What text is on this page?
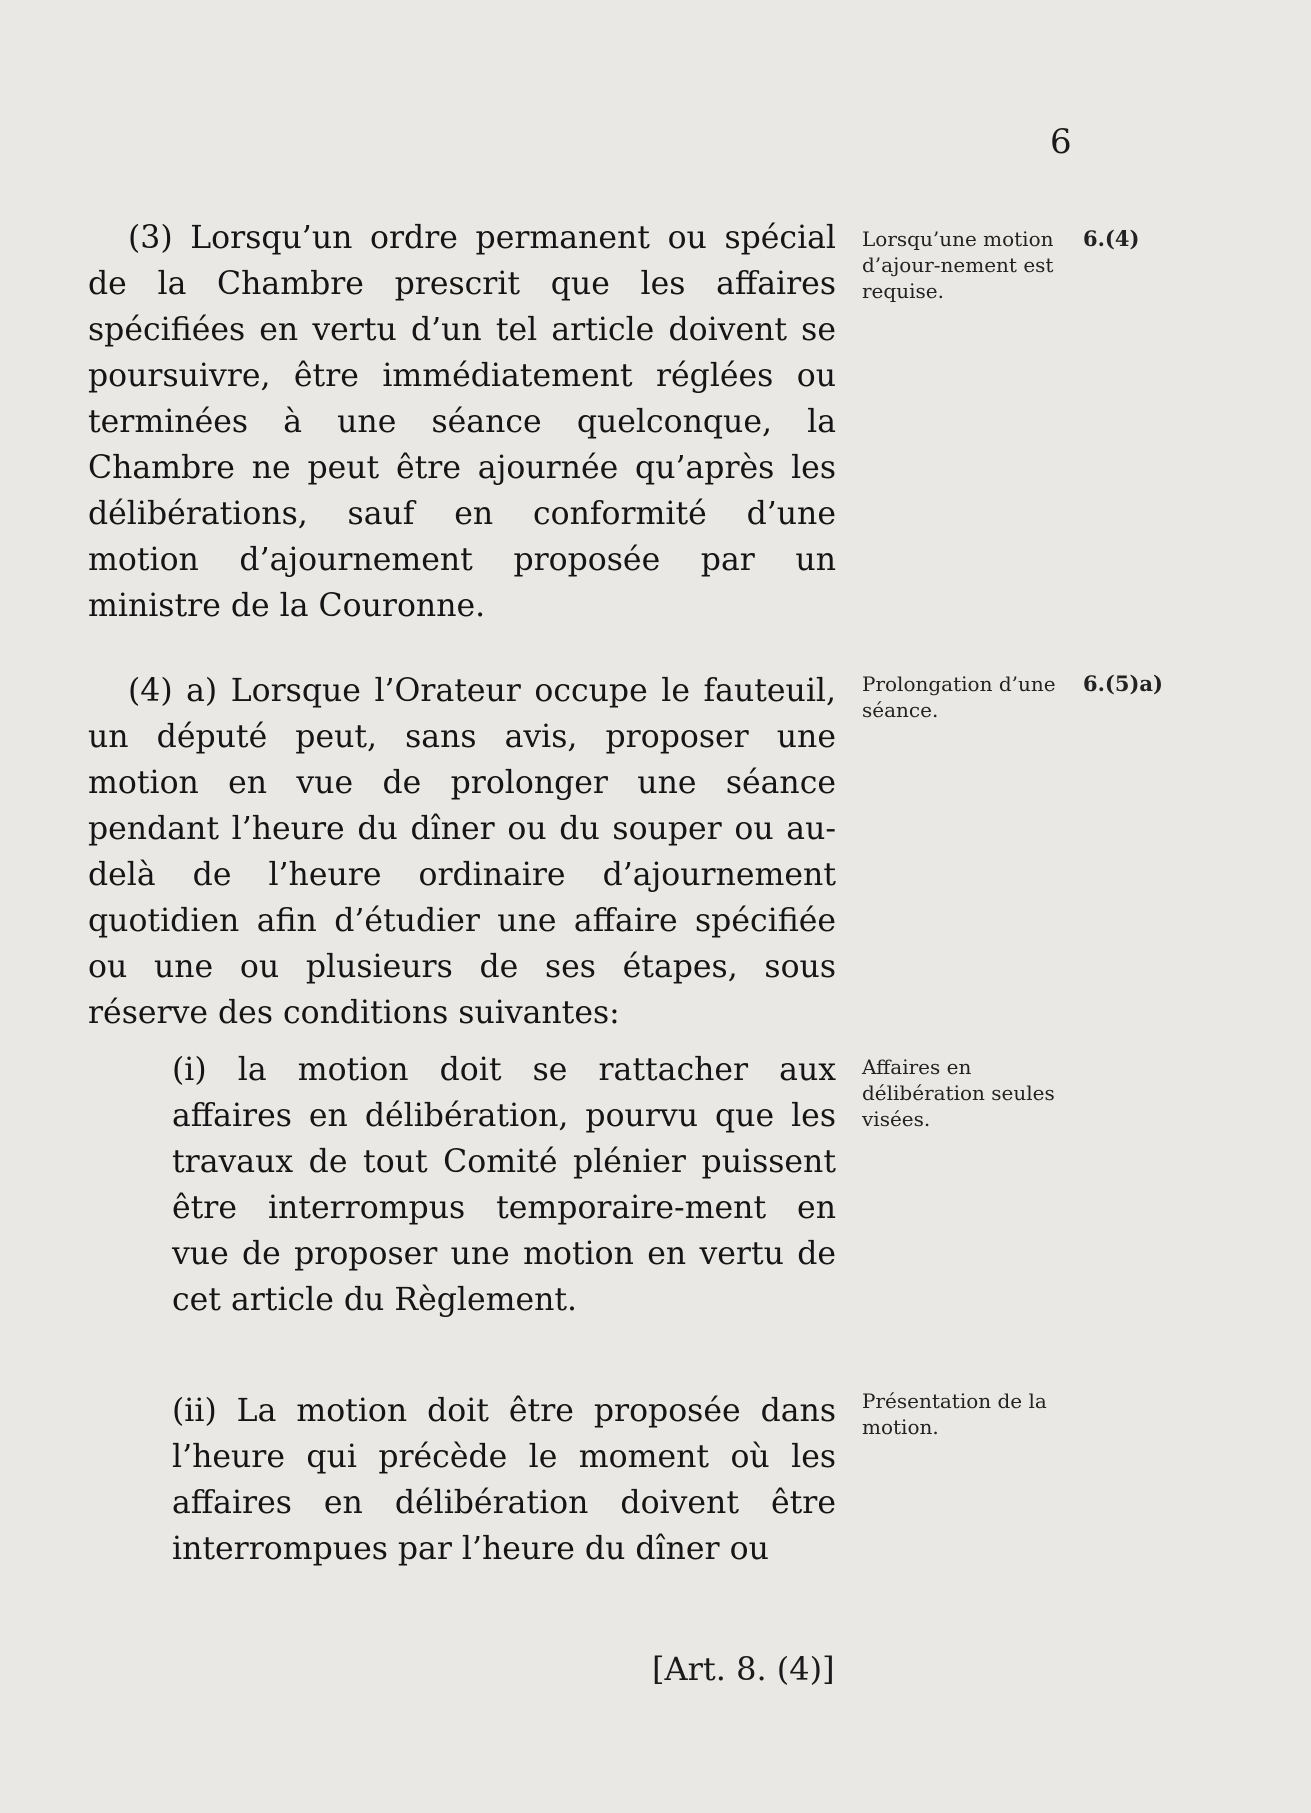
6

(3) Lorsqu’un ordre permanent ou spécial de la Chambre prescrit que les affaires spécifiées en vertu d’un tel article doivent se poursuivre, être immédiatement réglées ou terminées à une séance quelconque, la Chambre ne peut être ajournée qu’après les délibérations, sauf en conformité d’une motion d’ajournement proposée par un ministre de la Couronne.

Lorsqu’une motion d’ajour-nement est requise.
6.(4)

(4) a) Lorsque l’Orateur occupe le fauteuil, un député peut, sans avis, proposer une motion en vue de prolonger une séance pendant l’heure du dîner ou du souper ou au-delà de l’heure ordinaire d’ajournement quotidien afin d’étudier une affaire spécifiée ou une ou plusieurs de ses étapes, sous réserve des conditions suivantes:

Prolongation d’une séance.
6.(5)a)

(i) la motion doit se rattacher aux affaires en délibération, pourvu que les travaux de tout Comité plénier puissent être interrompus temporaire-ment en vue de proposer une motion en vertu de cet article du Règlement.

Affaires en délibération seules visées.

(ii) La motion doit être proposée dans l’heure qui précède le moment où les affaires en délibération doivent être interrompues par l’heure du dîner ou

Présentation de la motion.
[Art. 8. (4)]
